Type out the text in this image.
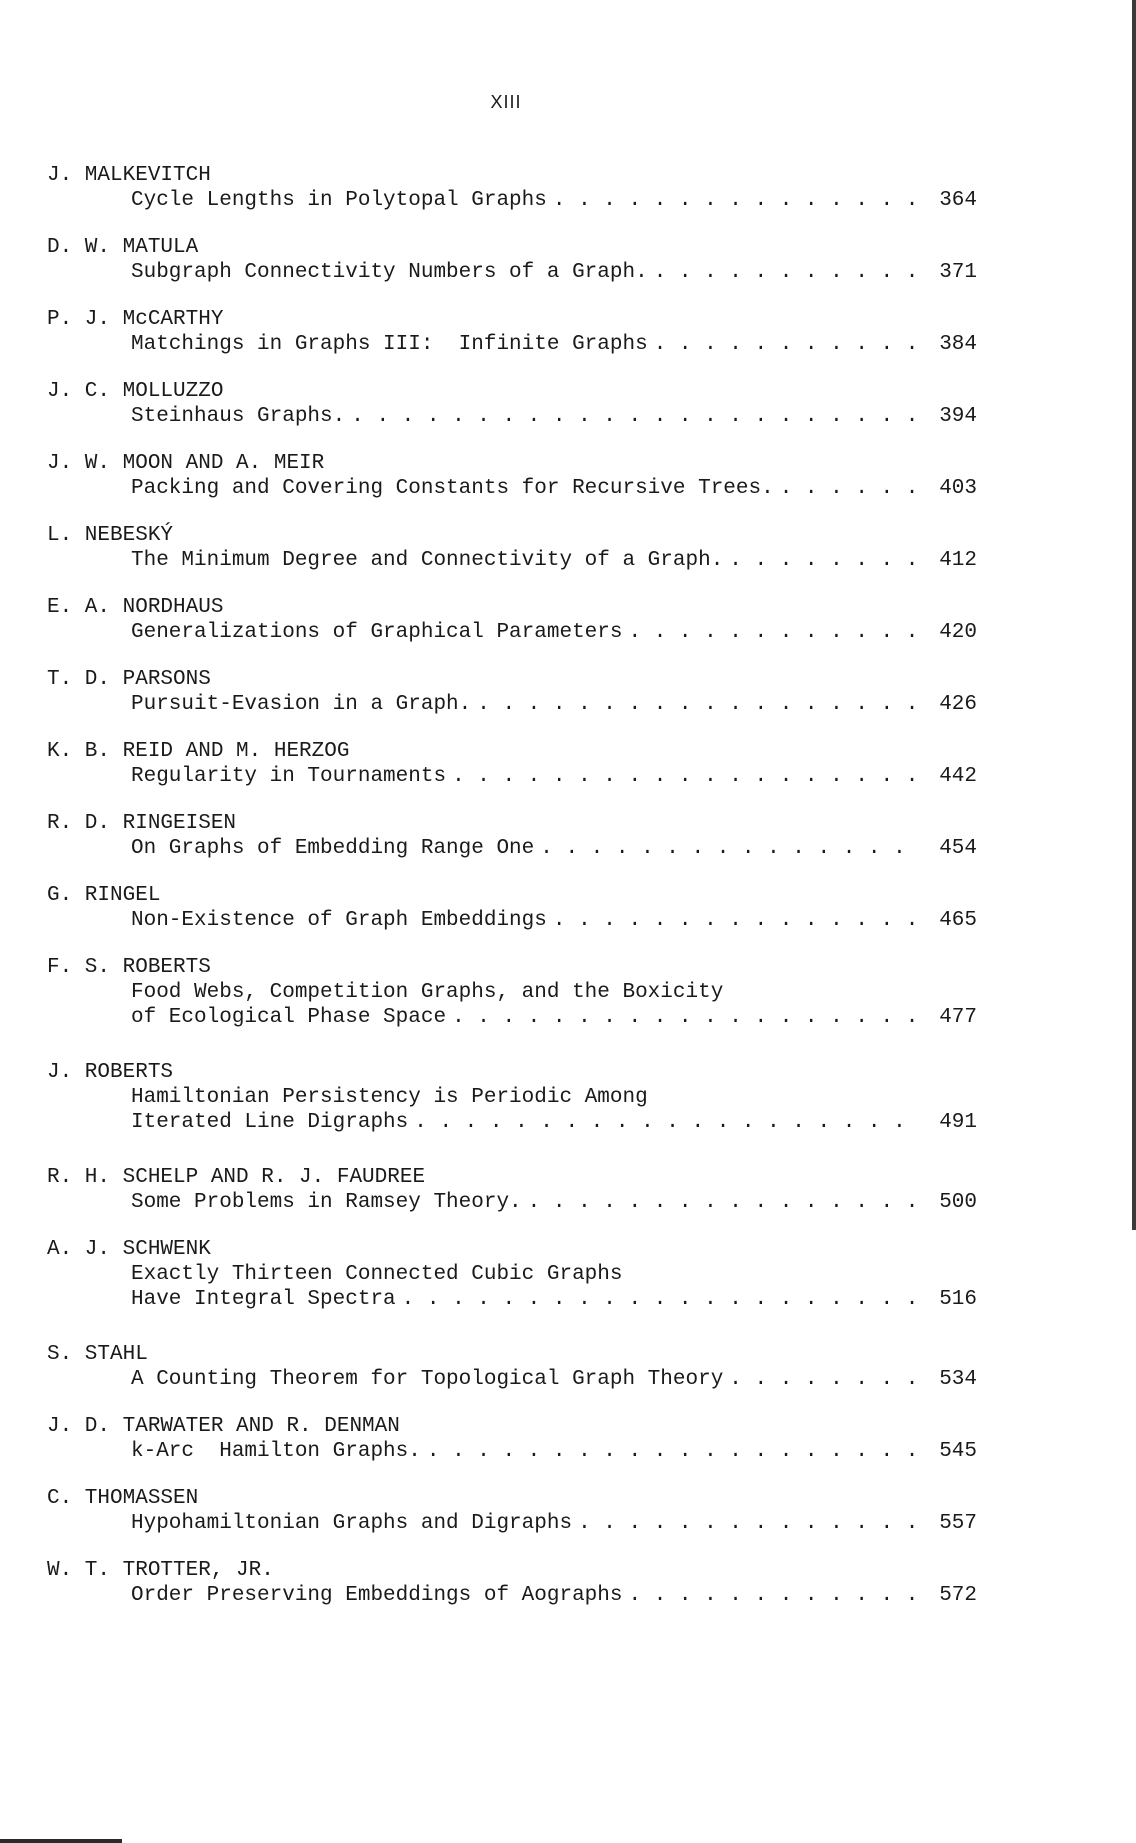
XIII
J. MALKEVITCH
Cycle Lengths in Polytopal Graphs . . .	364
D. W. MATULA
Subgraph Connectivity Numbers of a Graph. . . .	371
P. J. McCARTHY
Matchings in Graphs III:  Infinite Graphs . . .	384
J. C. MOLLUZZO
Steinhaus Graphs. . . .	394
J. W. MOON AND A. MEIR
Packing and Covering Constants for Recursive Trees. . . .	403
L. NEBESKÝ
The Minimum Degree and Connectivity of a Graph. . . .	412
E. A. NORDHAUS
Generalizations of Graphical Parameters . . .	420
T. D. PARSONS
Pursuit-Evasion in a Graph. . . .	426
K. B. REID AND M. HERZOG
Regularity in Tournaments . . .	442
R. D. RINGEISEN
On Graphs of Embedding Range One . . .	454
G. RINGEL
Non-Existence of Graph Embeddings . . .	465
F. S. ROBERTS
Food Webs, Competition Graphs, and the Boxicity
of Ecological Phase Space . . .	477
J. ROBERTS
Hamiltonian Persistency is Periodic Among
Iterated Line Digraphs . . .	491
R. H. SCHELP AND R. J. FAUDREE
Some Problems in Ramsey Theory. . . .	500
A. J. SCHWENK
Exactly Thirteen Connected Cubic Graphs
Have Integral Spectra . . .	516
S. STAHL
A Counting Theorem for Topological Graph Theory . . .	534
J. D. TARWATER AND R. DENMAN
k-Arc  Hamilton Graphs. . . .	545
C. THOMASSEN
Hypohamiltonian Graphs and Digraphs . . .	557
W. T. TROTTER, JR.
Order Preserving Embeddings of Aographs . . .	572
